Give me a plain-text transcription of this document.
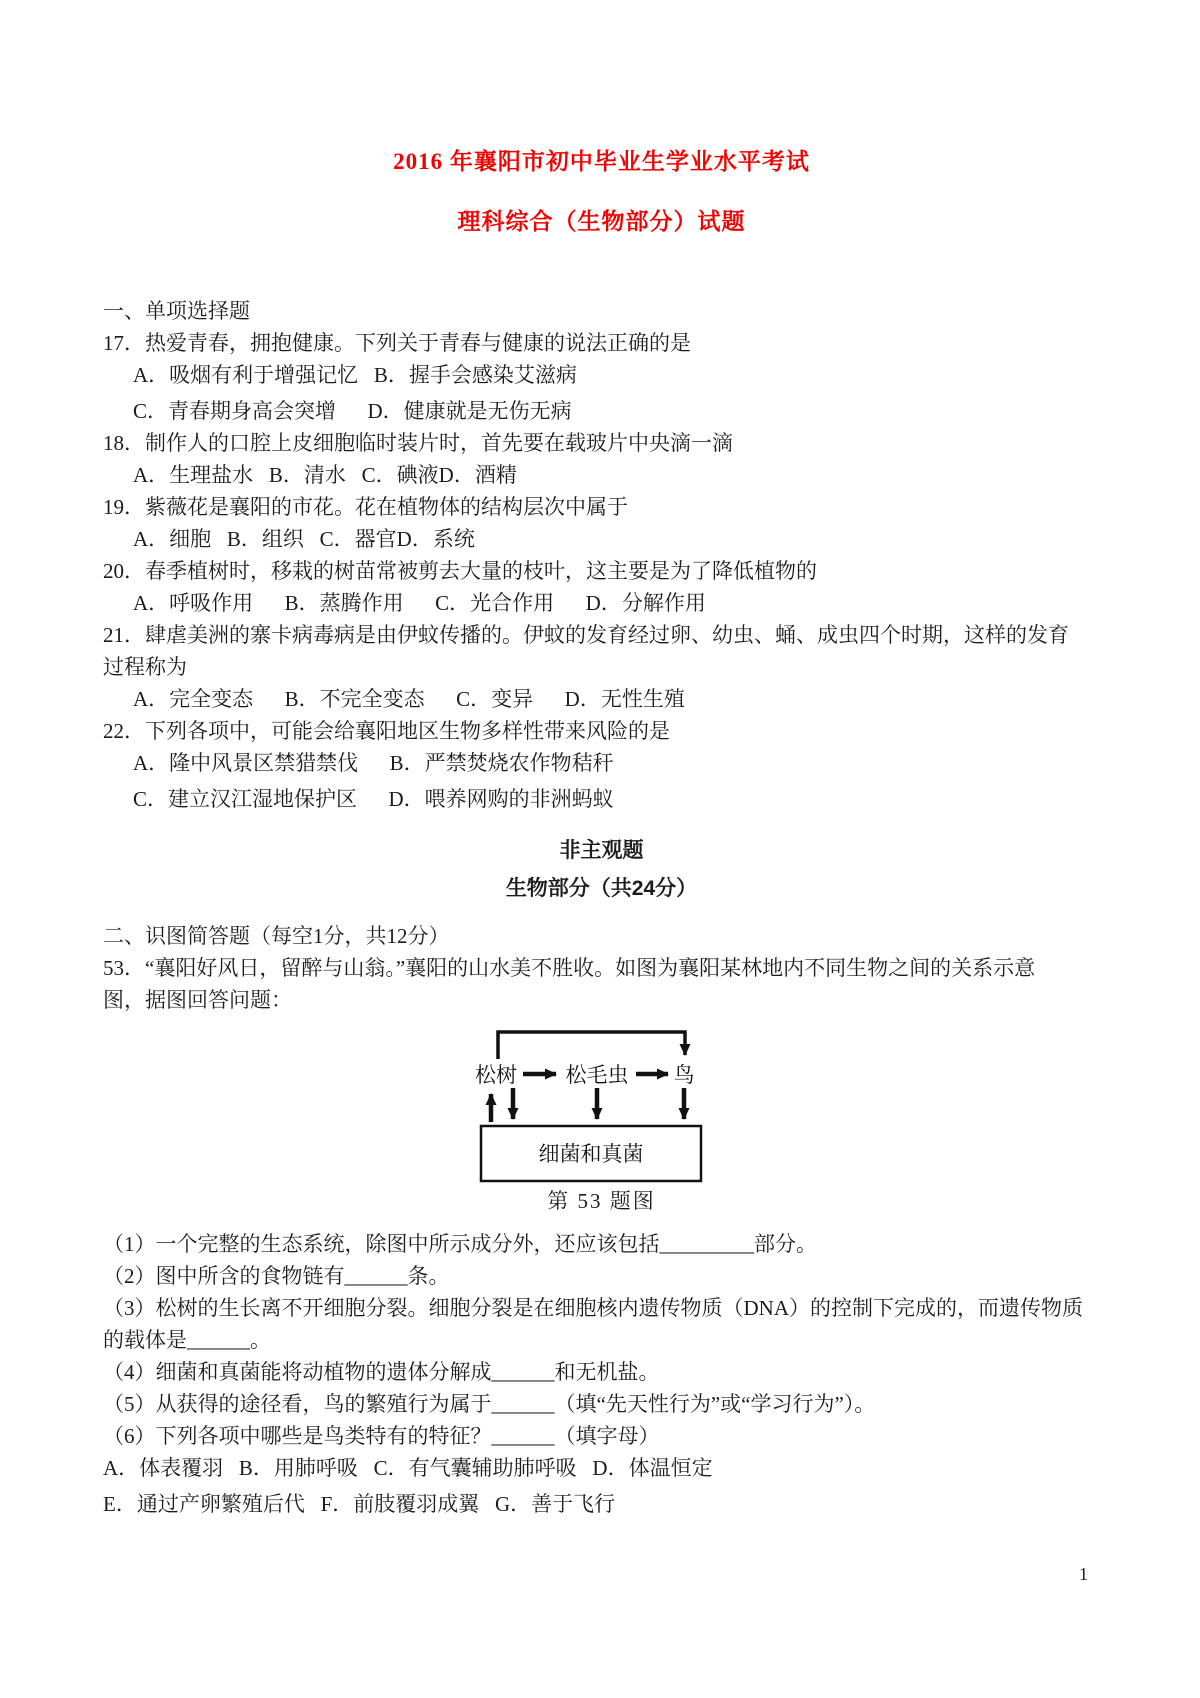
2016 年襄阳市初中毕业生学业水平考试
理科综合（生物部分）试题
一、单项选择题
17．热爱青春，拥抱健康。下列关于青春与健康的说法正确的是
A．吸烟有利于增强记忆   B．握手会感染艾滋病
C．青春期身高会突增      D．健康就是无伤无病
18．制作人的口腔上皮细胞临时装片时，首先要在载玻片中央滴一滴
A．生理盐水   B．清水   C．碘液D．酒精
19．紫薇花是襄阳的市花。花在植物体的结构层次中属于
A．细胞   B．组织   C．器官D．系统
20．春季植树时，移栽的树苗常被剪去大量的枝叶，这主要是为了降低植物的
A．呼吸作用      B．蒸腾作用      C．光合作用      D．分解作用
21．肆虐美洲的寨卡病毒病是由伊蚊传播的。伊蚊的发育经过卵、幼虫、蛹、成虫四个时期，这样的发育
过程称为
A．完全变态      B．不完全变态      C．变异      D．无性生殖
22．下列各项中，可能会给襄阳地区生物多样性带来风险的是
A．隆中风景区禁猎禁伐      B．严禁焚烧农作物秸秆
C．建立汉江湿地保护区      D．喂养网购的非洲蚂蚁
非主观题
生物部分（共24分）
二、识图简答题（每空1分，共12分）
53．“襄阳好风日，留醉与山翁。”襄阳的山水美不胜收。如图为襄阳某林地内不同生物之间的关系示意
图，据图回答问题：
松树 松毛虫 鸟
细菌和真菌
第 53 题图
（1）一个完整的生态系统，除图中所示成分外，还应该包括_________部分。
（2）图中所含的食物链有______条。
（3）松树的生长离不开细胞分裂。细胞分裂是在细胞核内遗传物质（DNA）的控制下完成的，而遗传物质
的载体是______。
（4）细菌和真菌能将动植物的遗体分解成______和无机盐。
（5）从获得的途径看，鸟的繁殖行为属于______（填“先天性行为”或“学习行为”）。
（6）下列各项中哪些是鸟类特有的特征？______（填字母）
A．体表覆羽   B．用肺呼吸   C．有气囊辅助肺呼吸   D．体温恒定
E．通过产卵繁殖后代   F．前肢覆羽成翼   G．善于飞行
1
